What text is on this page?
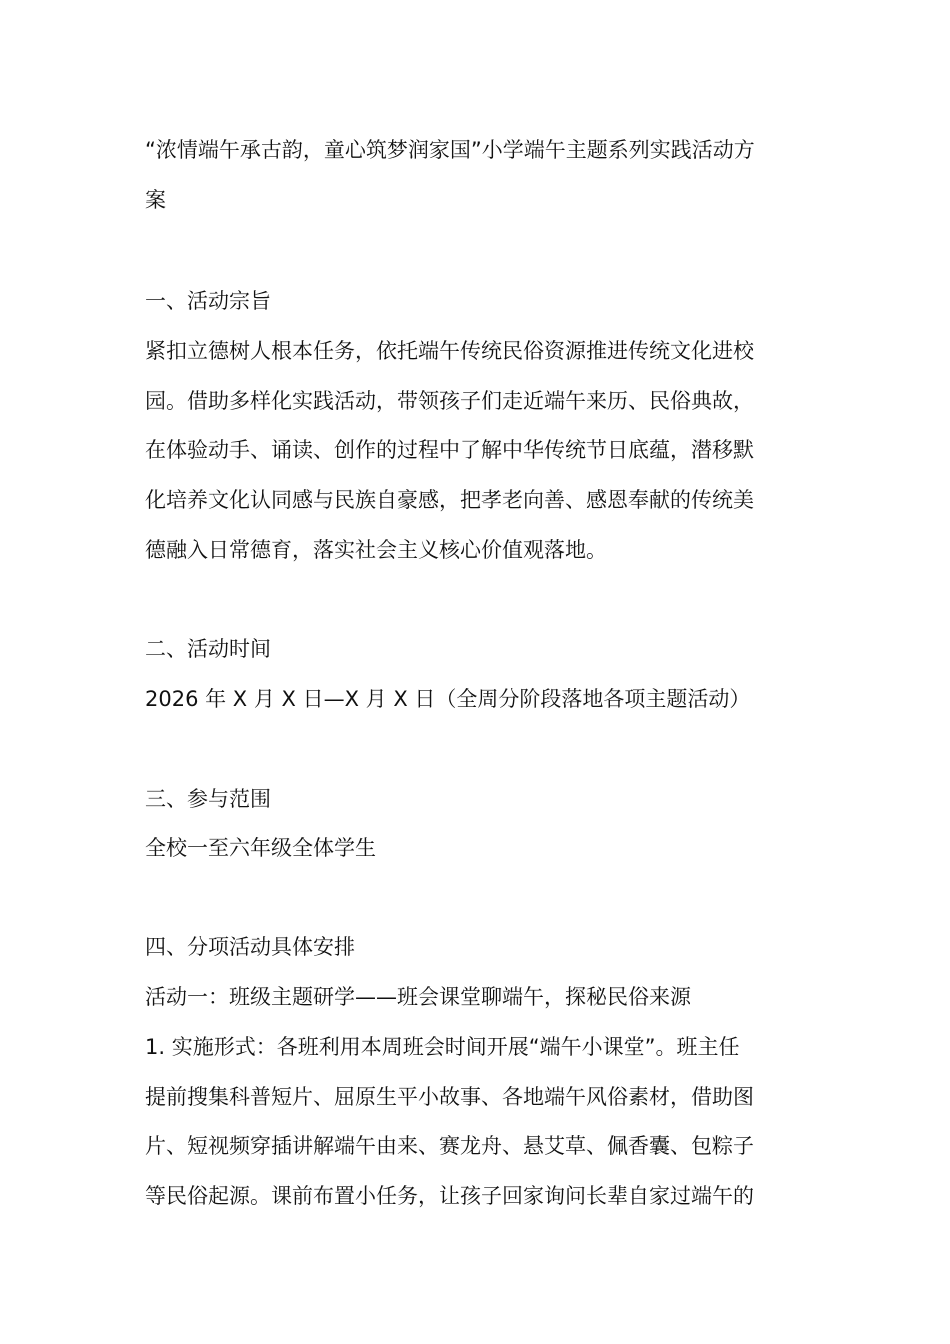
“浓情端午承古韵，童心筑梦润家国”小学端午主题系列实践活动方
案
一、活动宗旨
紧扣立德树人根本任务，依托端午传统民俗资源推进传统文化进校
园。借助多样化实践活动，带领孩子们走近端午来历、民俗典故，
在体验动手、诵读、创作的过程中了解中华传统节日底蕴，潜移默
化培养文化认同感与民族自豪感，把孝老向善、感恩奉献的传统美
德融入日常德育，落实社会主义核心价值观落地。
二、活动时间
2026 年 X 月 X 日—X 月 X 日（全周分阶段落地各项主题活动）
三、参与范围
全校一至六年级全体学生
四、分项活动具体安排
活动一：班级主题研学——班会课堂聊端午，探秘民俗来源
1. 实施形式：各班利用本周班会时间开展“端午小课堂”。班主任
提前搜集科普短片、屈原生平小故事、各地端午风俗素材，借助图
片、短视频穿插讲解端午由来、赛龙舟、悬艾草、佩香囊、包粽子
等民俗起源。课前布置小任务，让孩子回家询问长辈自家过端午的
